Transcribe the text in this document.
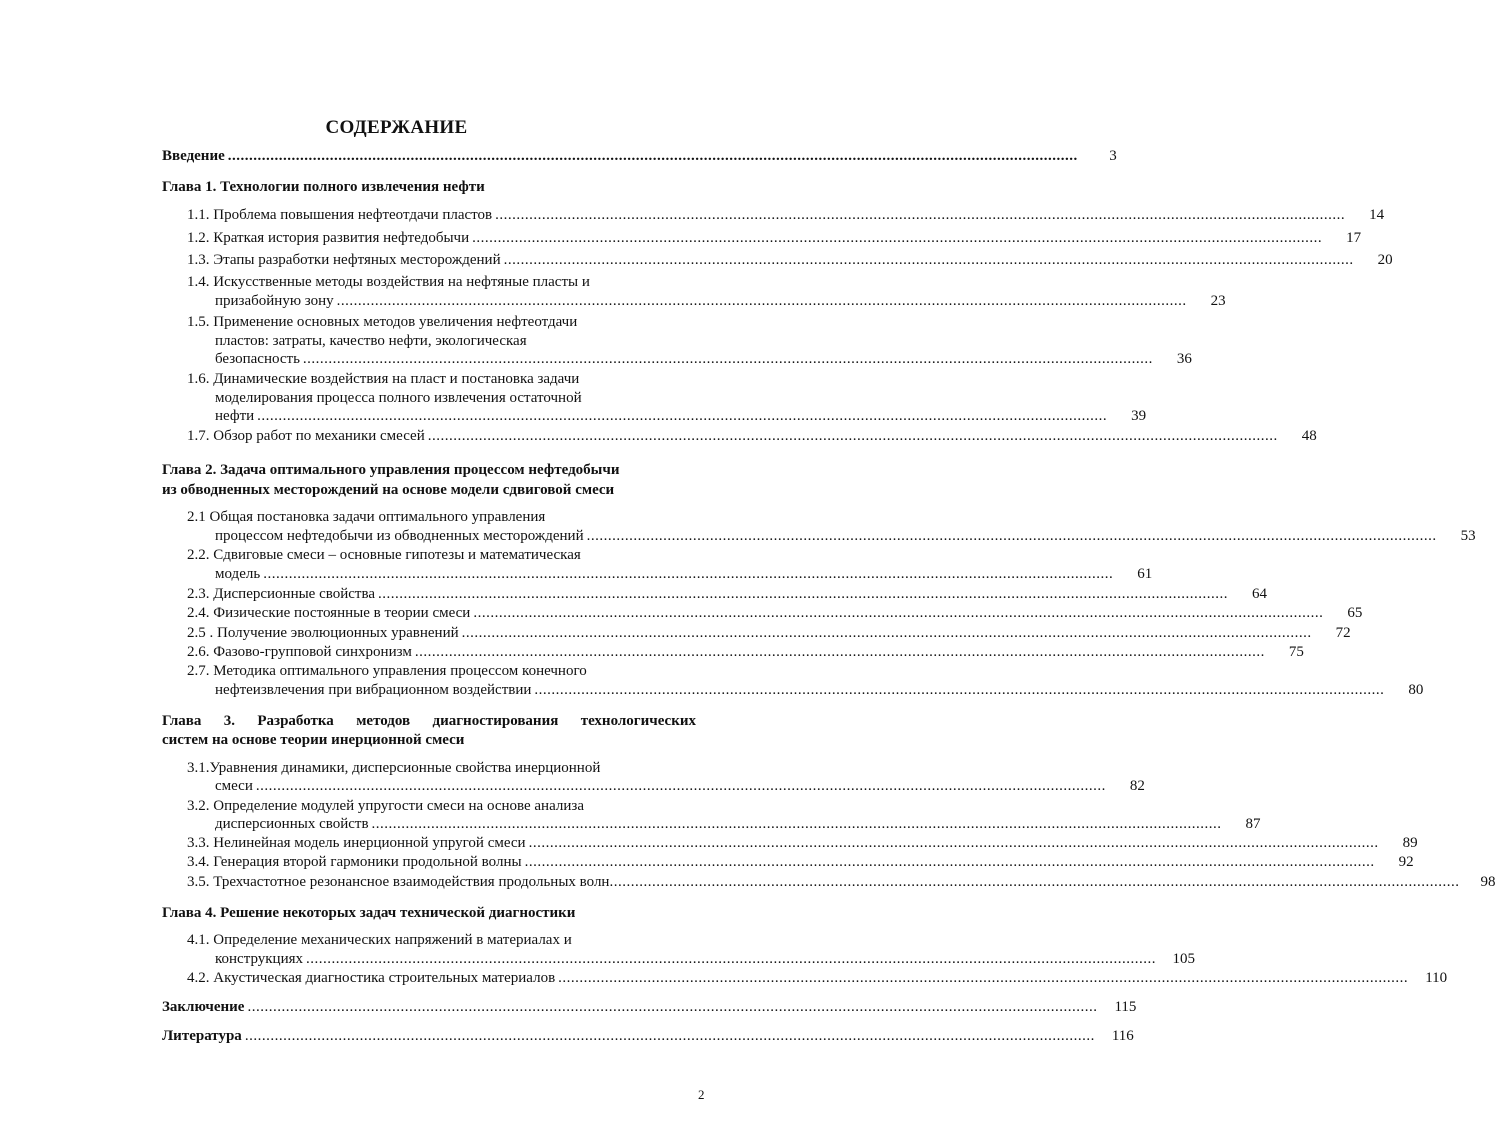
СОДЕРЖАНИЕ
Введение ........................................................................................................................................................................................................	3
Глава 1. Технологии полного извлечения нефти
1.1. Проблема повышения нефтеотдачи пластов ........................................................................................................................................................................................................	14
1.2. Краткая история развития нефтедобычи ........................................................................................................................................................................................................	17
1.3. Этапы разработки нефтяных месторождений ........................................................................................................................................................................................................	20
1.4. Искусственные методы воздействия на нефтяные пласты и
призабойную зону ........................................................................................................................................................................................................	23
1.5. Применение основных методов увеличения нефтеотдачи
пластов: затраты, качество нефти, экологическая
безопасность ........................................................................................................................................................................................................	36
1.6. Динамические воздействия на пласт и постановка задачи
моделирования процесса полного извлечения остаточной
нефти ........................................................................................................................................................................................................	39
1.7. Обзор работ по механики смесей ........................................................................................................................................................................................................	48
Глава 2. Задача оптимального управления процессом нефтедобычи
из обводненных месторождений на основе модели сдвиговой смеси
2.1 Общая постановка задачи оптимального управления
процессом нефтедобычи из обводненных месторождений ........................................................................................................................................................................................................	53
2.2. Сдвиговые смеси – основные гипотезы и математическая
модель ........................................................................................................................................................................................................	61
2.3. Дисперсионные свойства ........................................................................................................................................................................................................	64
2.4. Физические постоянные в теории смеси ........................................................................................................................................................................................................	65
2.5 . Получение эволюционных уравнений ........................................................................................................................................................................................................	72
2.6. Фазово-групповой синхронизм ........................................................................................................................................................................................................	75
2.7. Методика оптимального управления процессом конечного
нефтеизвлечения при вибрационном воздействии ........................................................................................................................................................................................................	80
Глава 3. Разработка методов диагностирования технологических
систем на основе теории инерционной смеси
3.1.Уравнения динамики, дисперсионные свойства инерционной
смеси ........................................................................................................................................................................................................	82
3.2. Определение модулей упругости смеси на основе анализа
дисперсионных свойств ........................................................................................................................................................................................................	87
3.3. Нелинейная модель инерционной упругой смеси ........................................................................................................................................................................................................	89
3.4. Генерация второй гармоники продольной волны ........................................................................................................................................................................................................	92
3.5. Трехчастотное резонансное взаимодействия продольных волн ........................................................................................................................................................................................................	98
Глава 4. Решение некоторых задач технической диагностики
4.1. Определение механических напряжений в материалах и
конструкциях ........................................................................................................................................................................................................	105
4.2. Акустическая диагностика строительных материалов ........................................................................................................................................................................................................	110
Заключение ........................................................................................................................................................................................................	115
Литература ........................................................................................................................................................................................................	116
2
